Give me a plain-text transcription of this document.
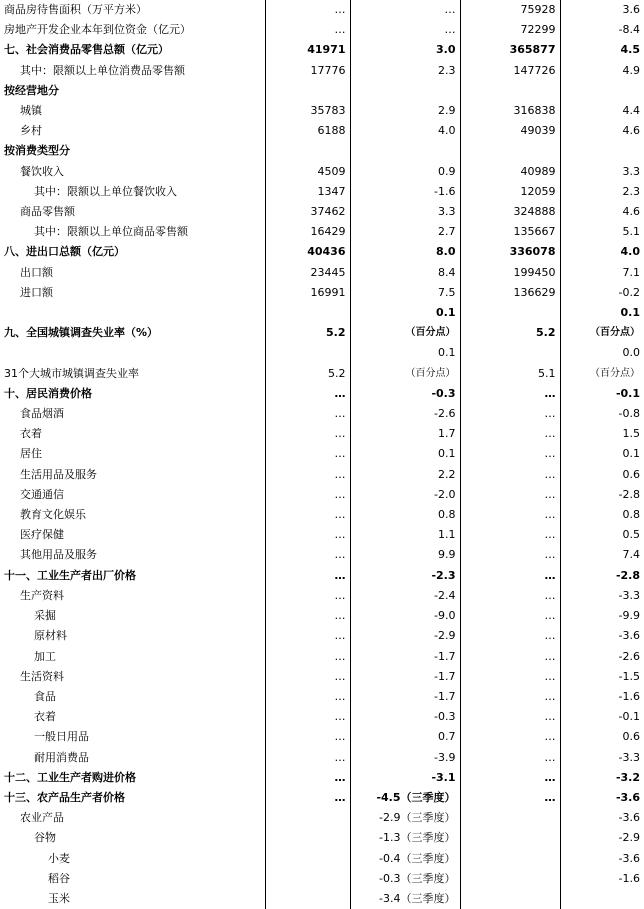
商品房待售面积（万平方米）	…	…	75928	3.6
房地产开发企业本年到位资金（亿元）	…	…	72299	-8.4
七、社会消费品零售总额（亿元）	41971	3.0	365877	4.5
其中：限额以上单位消费品零售额	17776	2.3	147726	4.9
按经营地分				
城镇	35783	2.9	316838	4.4
乡村	6188	4.0	49039	4.6
按消费类型分				
餐饮收入	4509	0.9	40989	3.3
其中：限额以上单位餐饮收入	1347	-1.6	12059	2.3
商品零售额	37462	3.3	324888	4.6
其中：限额以上单位商品零售额	16429	2.7	135667	5.1
八、进出口总额（亿元）	40436	8.0	336078	4.0
出口额	23445	8.4	199450	7.1
进口额	16991	7.5	136629	-0.2
		0.1		0.1
九、全国城镇调查失业率（%）	5.2	（百分点）	5.2	（百分点）
		0.1		0.0
31个大城市城镇调查失业率	5.2	（百分点）	5.1	（百分点）
十、居民消费价格	…	-0.3	…	-0.1
食品烟酒	…	-2.6	…	-0.8
衣着	…	1.7	…	1.5
居住	…	0.1	…	0.1
生活用品及服务	…	2.2	…	0.6
交通通信	…	-2.0	…	-2.8
教育文化娱乐	…	0.8	…	0.8
医疗保健	…	1.1	…	0.5
其他用品及服务	…	9.9	…	7.4
十一、工业生产者出厂价格	…	-2.3	…	-2.8
生产资料	…	-2.4	…	-3.3
采掘	…	-9.0	…	-9.9
原材料	…	-2.9	…	-3.6
加工	…	-1.7	…	-2.6
生活资料	…	-1.7	…	-1.5
食品	…	-1.7	…	-1.6
衣着	…	-0.3	…	-0.1
一般日用品	…	0.7	…	0.6
耐用消费品	…	-3.9	…	-3.3
十二、工业生产者购进价格	…	-3.1	…	-3.2
十三、农产品生产者价格	…	-4.5（三季度）	…	-3.6
农业产品		-2.9（三季度）		-3.6
谷物		-1.3（三季度）		-2.9
小麦		-0.4（三季度）		-3.6
稻谷		-0.3（三季度）		-1.6
玉米		-3.4（三季度）		
